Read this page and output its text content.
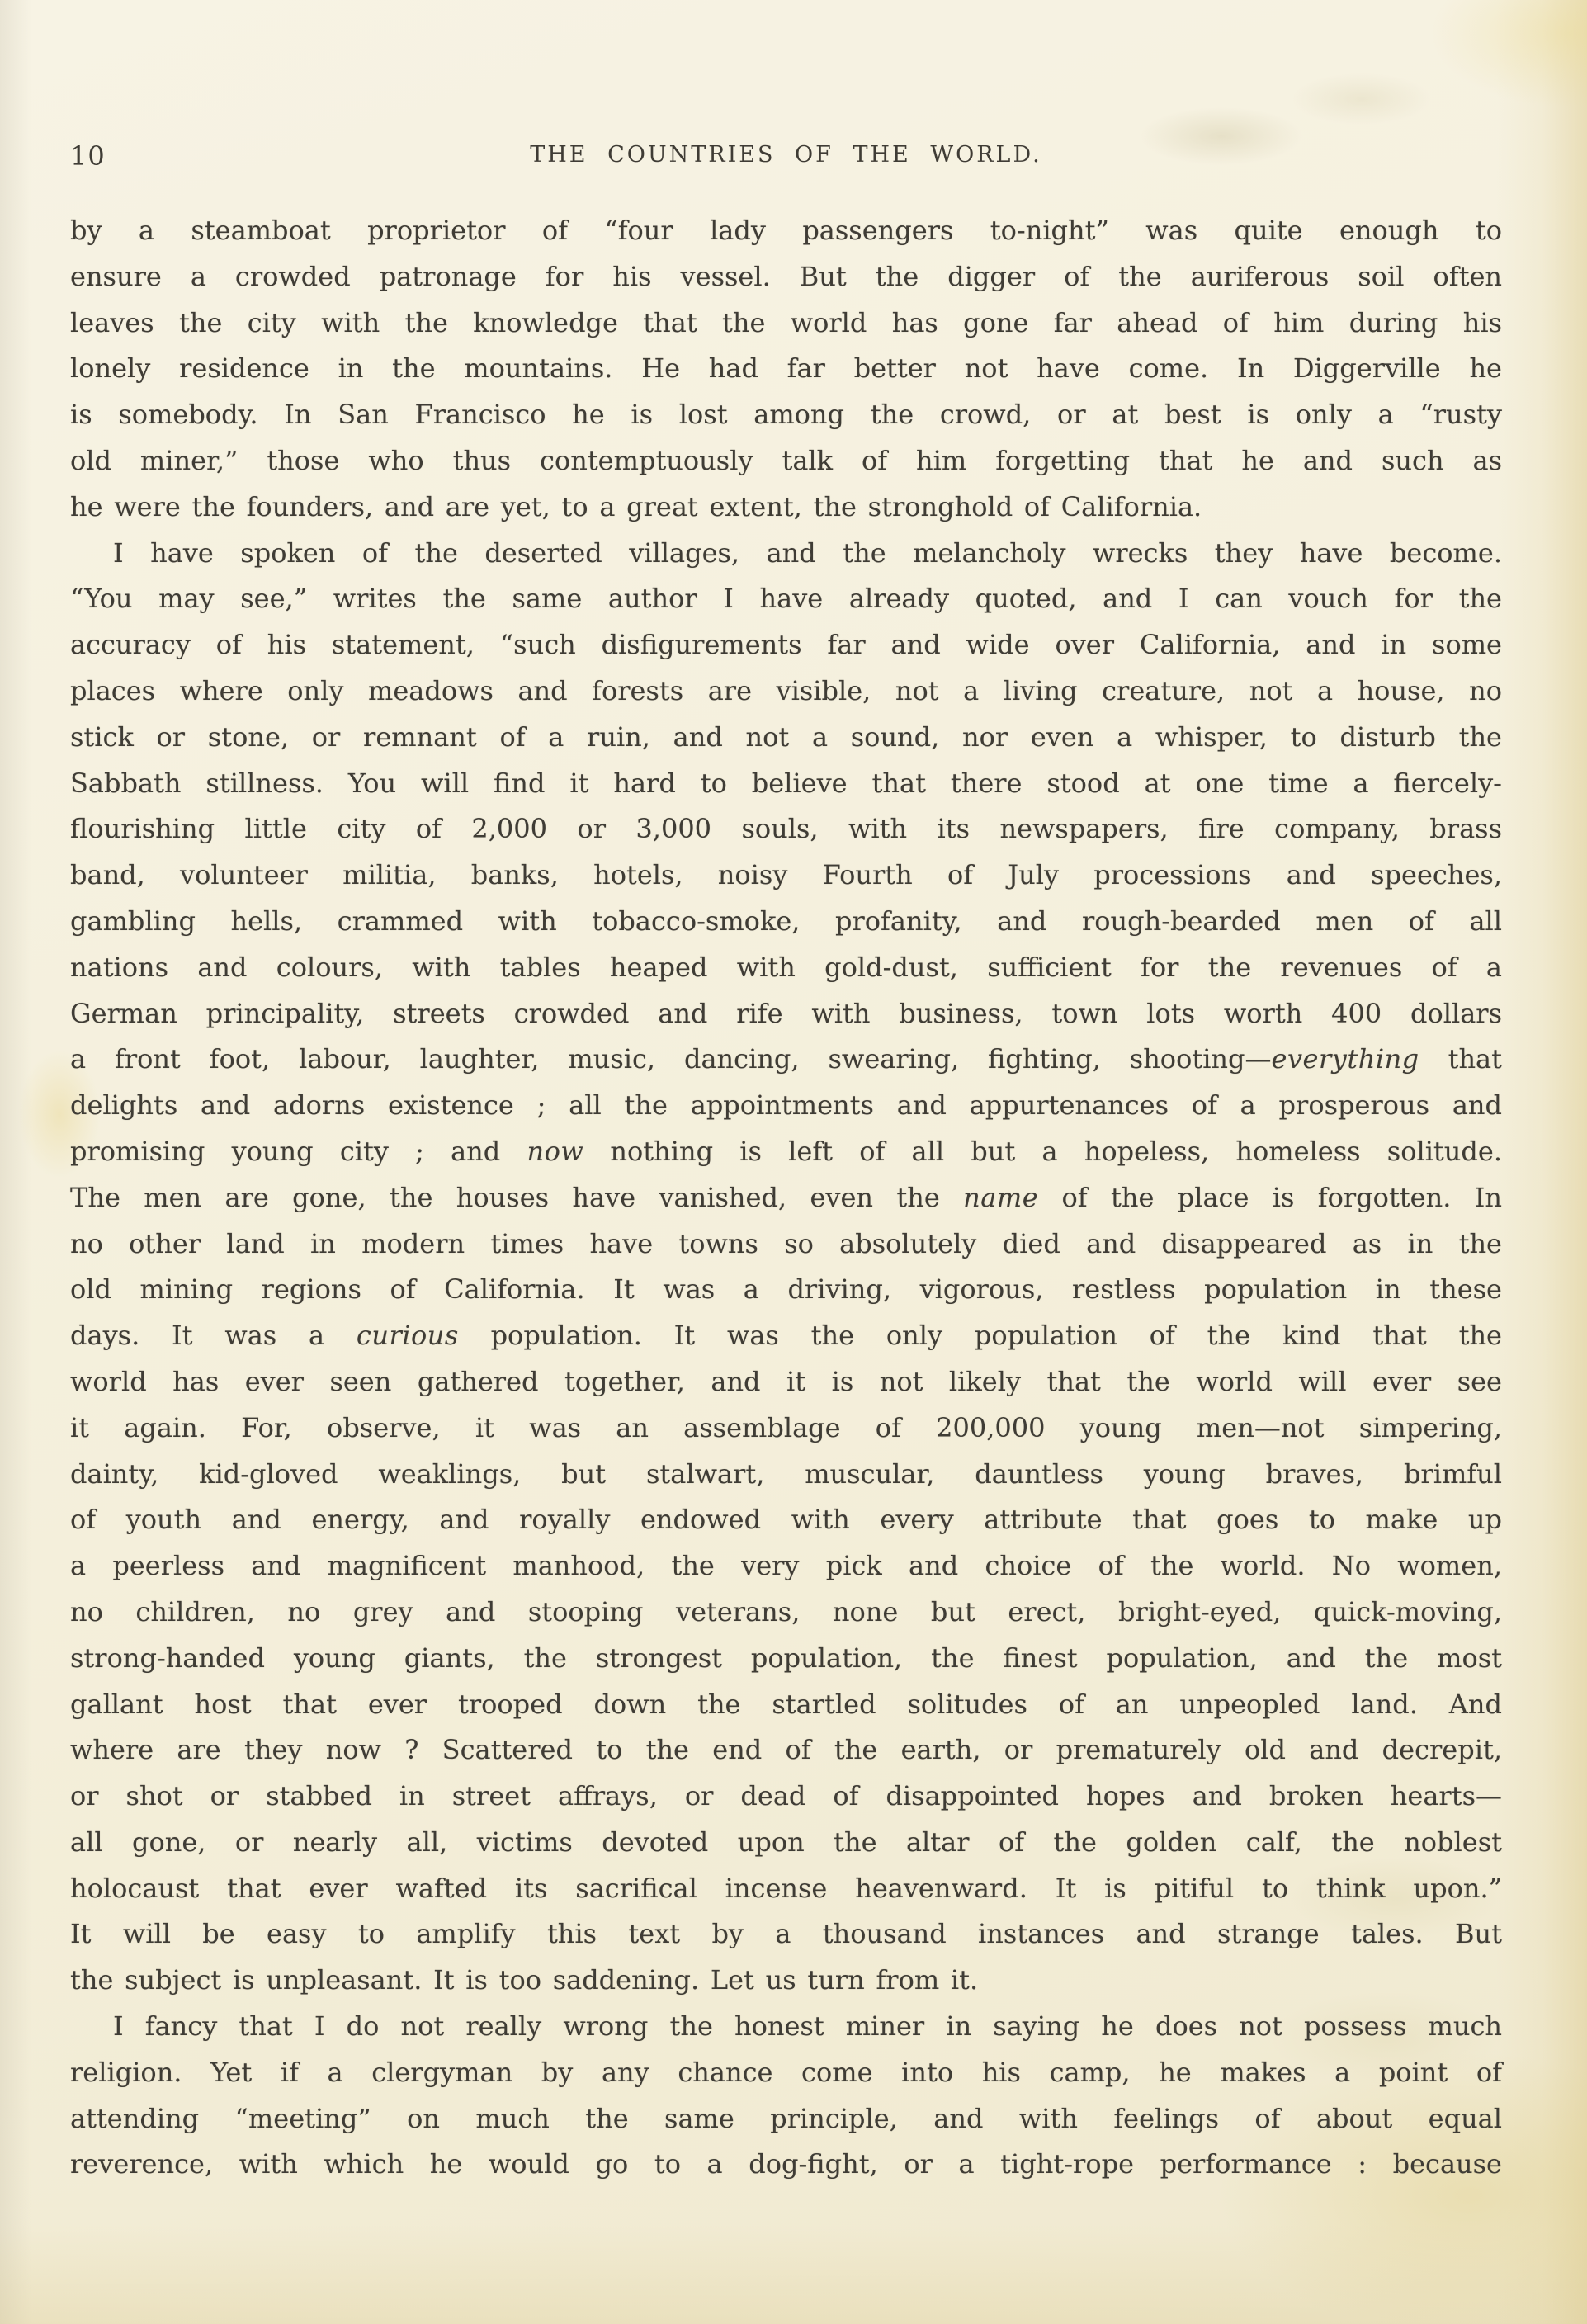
10	THE COUNTRIES OF THE WORLD.
by a steamboat proprietor of “four lady passengers to-night” was quite enough to
ensure a crowded patronage for his vessel. But the digger of the auriferous soil often
leaves the city with the knowledge that the world has gone far ahead of him during his
lonely residence in the mountains. He had far better not have come. In Diggerville he
is somebody. In San Francisco he is lost among the crowd, or at best is only a “rusty
old miner,” those who thus contemptuously talk of him forgetting that he and such as
he were the founders, and are yet, to a great extent, the stronghold of California.
I have spoken of the deserted villages, and the melancholy wrecks they have become.
“You may see,” writes the same author I have already quoted, and I can vouch for the
accuracy of his statement, “such disfigurements far and wide over California, and in some
places where only meadows and forests are visible, not a living creature, not a house, no
stick or stone, or remnant of a ruin, and not a sound, nor even a whisper, to disturb the
Sabbath stillness. You will find it hard to believe that there stood at one time a fiercely-
flourishing little city of 2,000 or 3,000 souls, with its newspapers, fire company, brass
band, volunteer militia, banks, hotels, noisy Fourth of July processions and speeches,
gambling hells, crammed with tobacco-smoke, profanity, and rough-bearded men of all
nations and colours, with tables heaped with gold-dust, sufficient for the revenues of a
German principality, streets crowded and rife with business, town lots worth 400 dollars
a front foot, labour, laughter, music, dancing, swearing, fighting, shooting—everything that
delights and adorns existence ; all the appointments and appurtenances of a prosperous and
promising young city ; and now nothing is left of all but a hopeless, homeless solitude.
The men are gone, the houses have vanished, even the name of the place is forgotten. In
no other land in modern times have towns so absolutely died and disappeared as in the
old mining regions of California. It was a driving, vigorous, restless population in these
days. It was a curious population. It was the only population of the kind that the
world has ever seen gathered together, and it is not likely that the world will ever see
it again. For, observe, it was an assemblage of 200,000 young men—not simpering,
dainty, kid-gloved weaklings, but stalwart, muscular, dauntless young braves, brimful
of youth and energy, and royally endowed with every attribute that goes to make up
a peerless and magnificent manhood, the very pick and choice of the world. No women,
no children, no grey and stooping veterans, none but erect, bright-eyed, quick-moving,
strong-handed young giants, the strongest population, the finest population, and the most
gallant host that ever trooped down the startled solitudes of an unpeopled land. And
where are they now ? Scattered to the end of the earth, or prematurely old and decrepit,
or shot or stabbed in street affrays, or dead of disappointed hopes and broken hearts—
all gone, or nearly all, victims devoted upon the altar of the golden calf, the noblest
holocaust that ever wafted its sacrifical incense heavenward. It is pitiful to think upon.”
It will be easy to amplify this text by a thousand instances and strange tales. But
the subject is unpleasant. It is too saddening. Let us turn from it.
I fancy that I do not really wrong the honest miner in saying he does not possess much
religion. Yet if a clergyman by any chance come into his camp, he makes a point of
attending “meeting” on much the same principle, and with feelings of about equal
reverence, with which he would go to a dog-fight, or a tight-rope performance : because
